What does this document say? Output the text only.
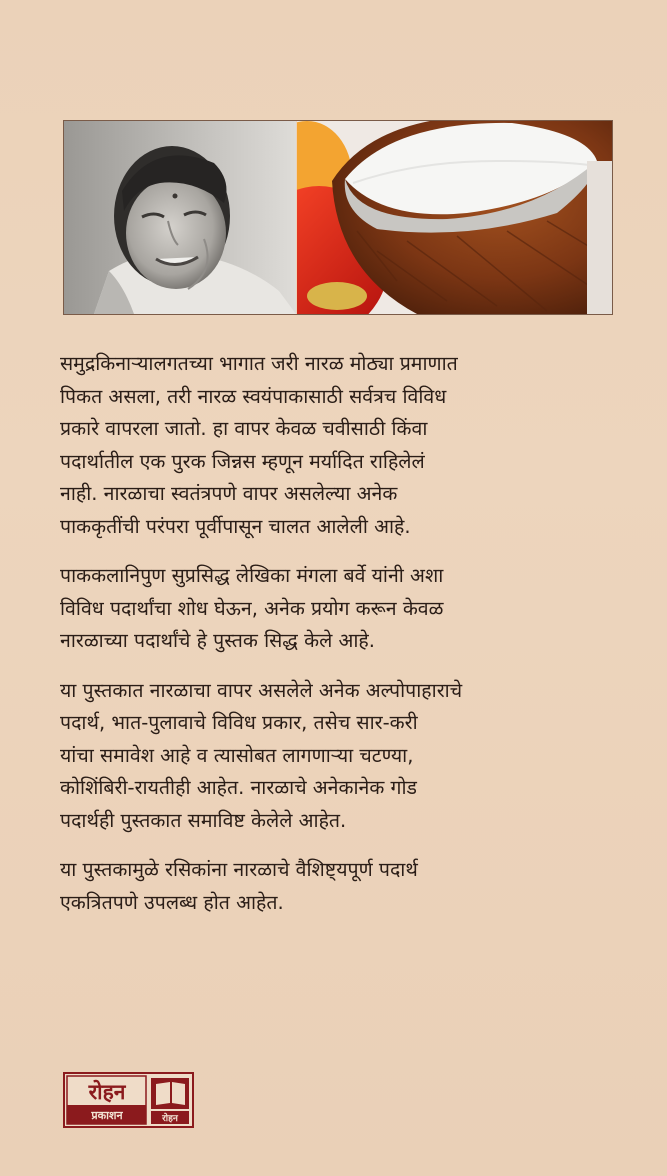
समुद्रकिनाऱ्यालगतच्या भागात जरी नारळ मोठ्या प्रमाणात
पिकत असला, तरी नारळ स्वयंपाकासाठी सर्वत्रच विविध
प्रकारे वापरला जातो. हा वापर केवळ चवीसाठी किंवा
पदार्थातील एक पुरक जिन्नस म्हणून मर्यादित राहिलेलं
नाही. नारळाचा स्वतंत्रपणे वापर असलेल्या अनेक
पाककृतींची परंपरा पूर्वीपासून चालत आलेली आहे.

पाककलानिपुण सुप्रसिद्ध लेखिका मंगला बर्वे यांनी अशा
विविध पदार्थांचा शोध घेऊन, अनेक प्रयोग करून केवळ
नारळाच्या पदार्थांचे हे पुस्तक सिद्ध केले आहे.

या पुस्तकात नारळाचा वापर असलेले अनेक अल्पोपाहाराचे
पदार्थ, भात-पुलावाचे विविध प्रकार, तसेच सार-करी
यांचा समावेश आहे व त्यासोबत लागणाऱ्या चटण्या,
कोशिंबिरी-रायतीही आहेत. नारळाचे अनेकानेक गोड
पदार्थही पुस्तकात समाविष्ट केलेले आहेत.

या पुस्तकामुळे रसिकांना नारळाचे वैशिष्ट्यपूर्ण पदार्थ
एकत्रितपणे उपलब्ध होत आहेत.

रोहन
प्रकाशन	रोहन
